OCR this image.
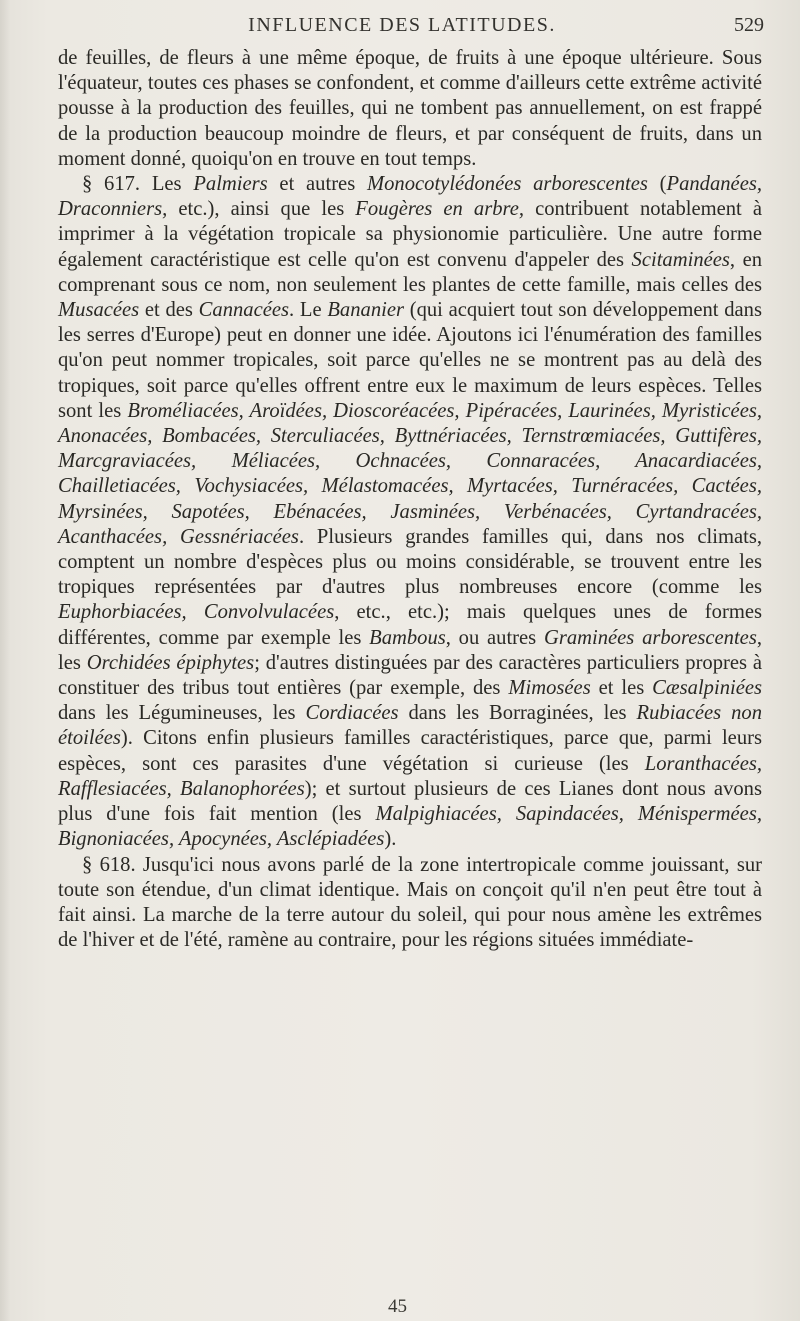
INFLUENCE DES LATITUDES.	529

de feuilles, de fleurs à une même époque, de fruits à une époque ultérieure. Sous l'équateur, toutes ces phases se confondent, et comme d'ailleurs cette extrême activité pousse à la production des feuilles, qui ne tombent pas annuellement, on est frappé de la production beaucoup moindre de fleurs, et par conséquent de fruits, dans un moment donné, quoiqu'on en trouve en tout temps.

§ 617. Les Palmiers et autres Monocotylédonées arborescentes (Pandanées, Draconniers, etc.), ainsi que les Fougères en arbre, contribuent notablement à imprimer à la végétation tropicale sa physionomie particulière. Une autre forme également caractéristique est celle qu'on est convenu d'appeler des Scitaminées, en comprenant sous ce nom, non seulement les plantes de cette famille, mais celles des Musacées et des Cannacées. Le Bananier (qui acquiert tout son développement dans les serres d'Europe) peut en donner une idée. Ajoutons ici l'énumération des familles qu'on peut nommer tropicales, soit parce qu'elles ne se montrent pas au delà des tropiques, soit parce qu'elles offrent entre eux le maximum de leurs espèces. Telles sont les Broméliacées, Aroïdées, Dioscoréacées, Pipéracées, Laurinées, Myristicées, Anonacées, Bombacées, Sterculiacées, Byttnériacées, Ternstrœmiacées, Guttifères, Marcgraviacées, Méliacées, Ochnacées, Connaracées, Anacardiacées, Chailletiacées, Vochysiacées, Mélastomacées, Myrtacées, Turnéracées, Cactées, Myrsinées, Sapotées, Ebénacées, Jasminées, Verbénacées, Cyrtandracées, Acanthacées, Gessnériacées. Plusieurs grandes familles qui, dans nos climats, comptent un nombre d'espèces plus ou moins considérable, se trouvent entre les tropiques représentées par d'autres plus nombreuses encore (comme les Euphorbiacées, Convolvulacées, etc., etc.); mais quelques unes de formes différentes, comme par exemple les Bambous, ou autres Graminées arborescentes, les Orchidées épiphytes; d'autres distinguées par des caractères particuliers propres à constituer des tribus tout entières (par exemple, des Mimosées et les Cæsalpiniées dans les Légumineuses, les Cordiacées dans les Borraginées, les Rubiacées non étoilées). Citons enfin plusieurs familles caractéristiques, parce que, parmi leurs espèces, sont ces parasites d'une végétation si curieuse (les Loranthacées, Rafflesiacées, Balanophorées); et surtout plusieurs de ces Lianes dont nous avons plus d'une fois fait mention (les Malpighiacées, Sapindacées, Ménispermées, Bignoniacées, Apocynées, Asclépiadées).

§ 618. Jusqu'ici nous avons parlé de la zone intertropicale comme jouissant, sur toute son étendue, d'un climat identique. Mais on conçoit qu'il n'en peut être tout à fait ainsi. La marche de la terre autour du soleil, qui pour nous amène les extrêmes de l'hiver et de l'été, ramène au contraire, pour les régions situées immédiate-

45
